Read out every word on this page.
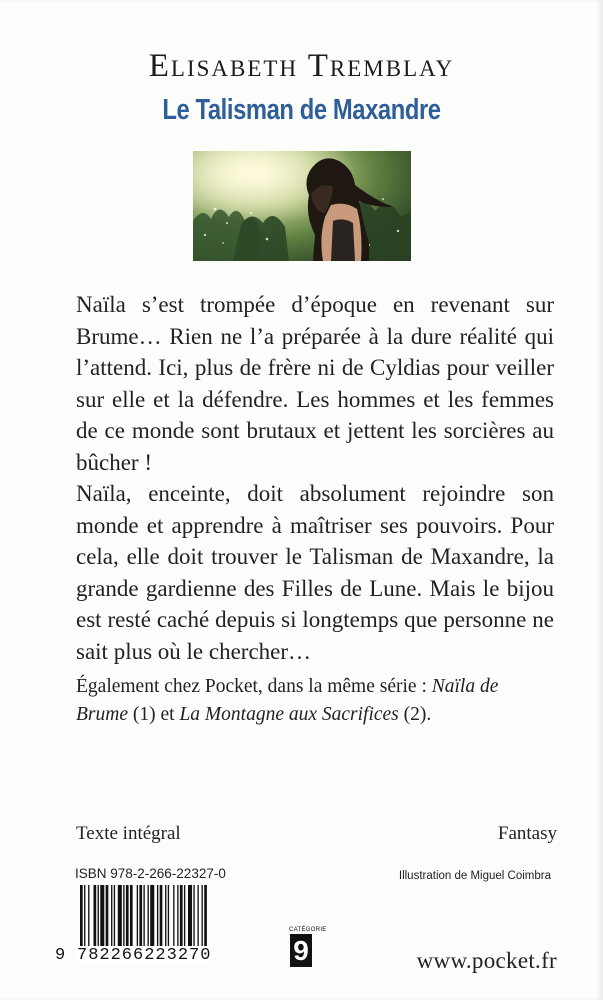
Elisabeth Tremblay
Le Talisman de Maxandre

Naïla s’est trompée d’époque en revenant sur Brume… Rien ne l’a préparée à la dure réalité qui l’attend. Ici, plus de frère ni de Cyldias pour veiller sur elle et la défendre. Les hommes et les femmes de ce monde sont brutaux et jettent les sorcières au bûcher !

Naïla, enceinte, doit absolument rejoindre son monde et apprendre à maîtriser ses pouvoirs. Pour cela, elle doit trouver le Talisman de Maxandre, la grande gardienne des Filles de Lune. Mais le bijou est resté caché depuis si longtemps que personne ne sait plus où le chercher…

Également chez Pocket, dans la même série : Naïla de Brume (1) et La Montagne aux Sacrifices (2).
Texte intégral	Fantasy
ISBN 978-2-266-22327-0	Illustration de Miguel Coimbra
9 782266223270
CATÉGORIE
9	www.pocket.fr
